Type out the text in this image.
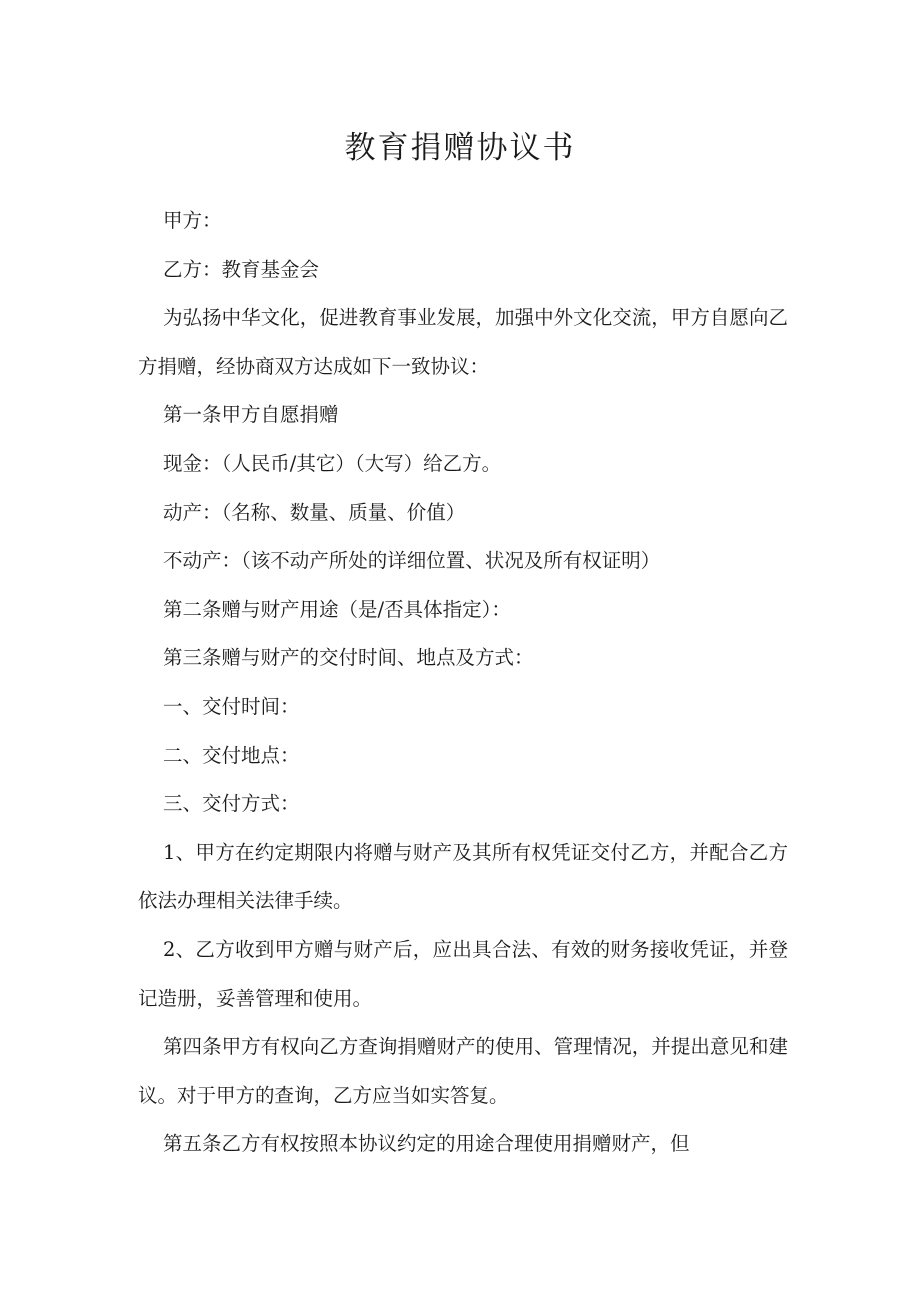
教育捐赠协议书

甲方：

乙方：教育基金会

为弘扬中华文化，促进教育事业发展，加强中外文化交流，甲方自愿向乙方捐赠，经协商双方达成如下一致协议：

第一条甲方自愿捐赠

现金：（人民币/其它）（大写）给乙方。

动产：（名称、数量、质量、价值）

不动产：（该不动产所处的详细位置、状况及所有权证明）

第二条赠与财产用途（是/否具体指定）：

第三条赠与财产的交付时间、地点及方式：

一、交付时间：

二、交付地点：

三、交付方式：

1、甲方在约定期限内将赠与财产及其所有权凭证交付乙方，并配合乙方依法办理相关法律手续。

2、乙方收到甲方赠与财产后，应出具合法、有效的财务接收凭证，并登记造册，妥善管理和使用。

第四条甲方有权向乙方查询捐赠财产的使用、管理情况，并提出意见和建议。对于甲方的查询，乙方应当如实答复。

第五条乙方有权按照本协议约定的用途合理使用捐赠财产，但
